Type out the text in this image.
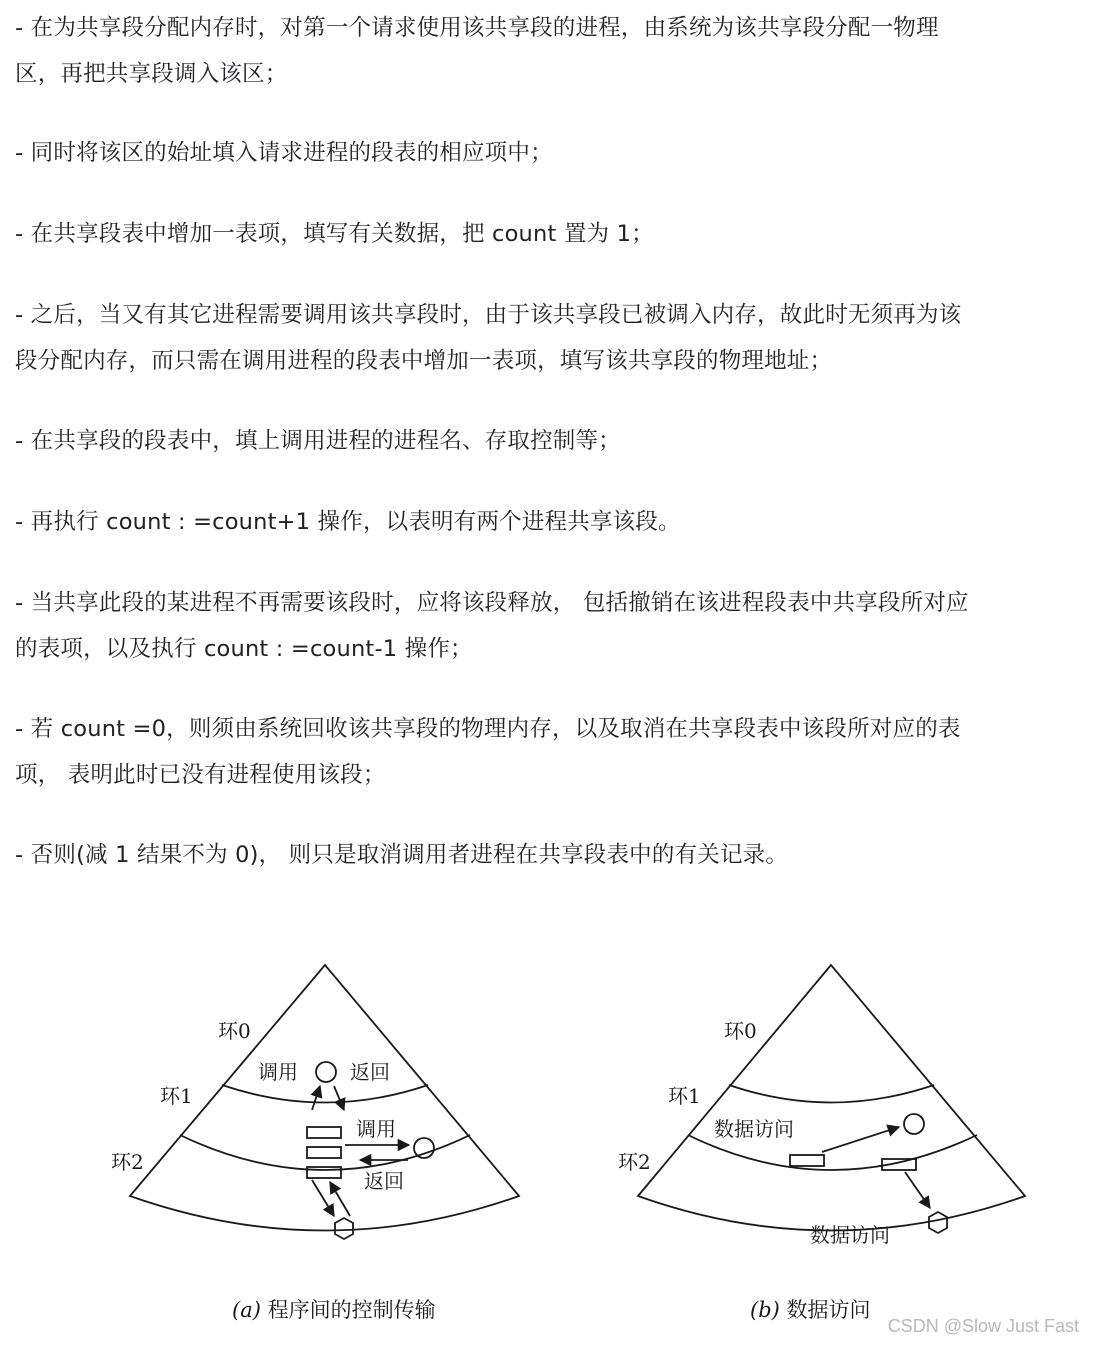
- 在为共享段分配内存时，对第一个请求使用该共享段的进程，由系统为该共享段分配一物理
区，再把共享段调入该区；

- 同时将该区的始址填入请求进程的段表的相应项中；

- 在共享段表中增加一表项，填写有关数据，把 count 置为 1；

- 之后，当又有其它进程需要调用该共享段时，由于该共享段已被调入内存，故此时无须再为该
段分配内存，而只需在调用进程的段表中增加一表项，填写该共享段的物理地址；

- 在共享段的段表中，填上调用进程的进程名、存取控制等；

- 再执行 count : =count+1 操作，以表明有两个进程共享该段。

- 当共享此段的某进程不再需要该段时，应将该段释放， 包括撤销在该进程段表中共享段所对应
的表项，以及执行 count : =count-1 操作；

- 若 count =0，则须由系统回收该共享段的物理内存，以及取消在共享段表中该段所对应的表
项， 表明此时已没有进程使用该段；

- 否则(减 1 结果不为 0)， 则只是取消调用者进程在共享段表中的有关记录。

环0
环1
环2
调用	返回
调用
返回
(a) 程序间的控制传输
环0
环1
环2
数据访问
数据访问
(b) 数据访问
CSDN @Slow Just Fast
